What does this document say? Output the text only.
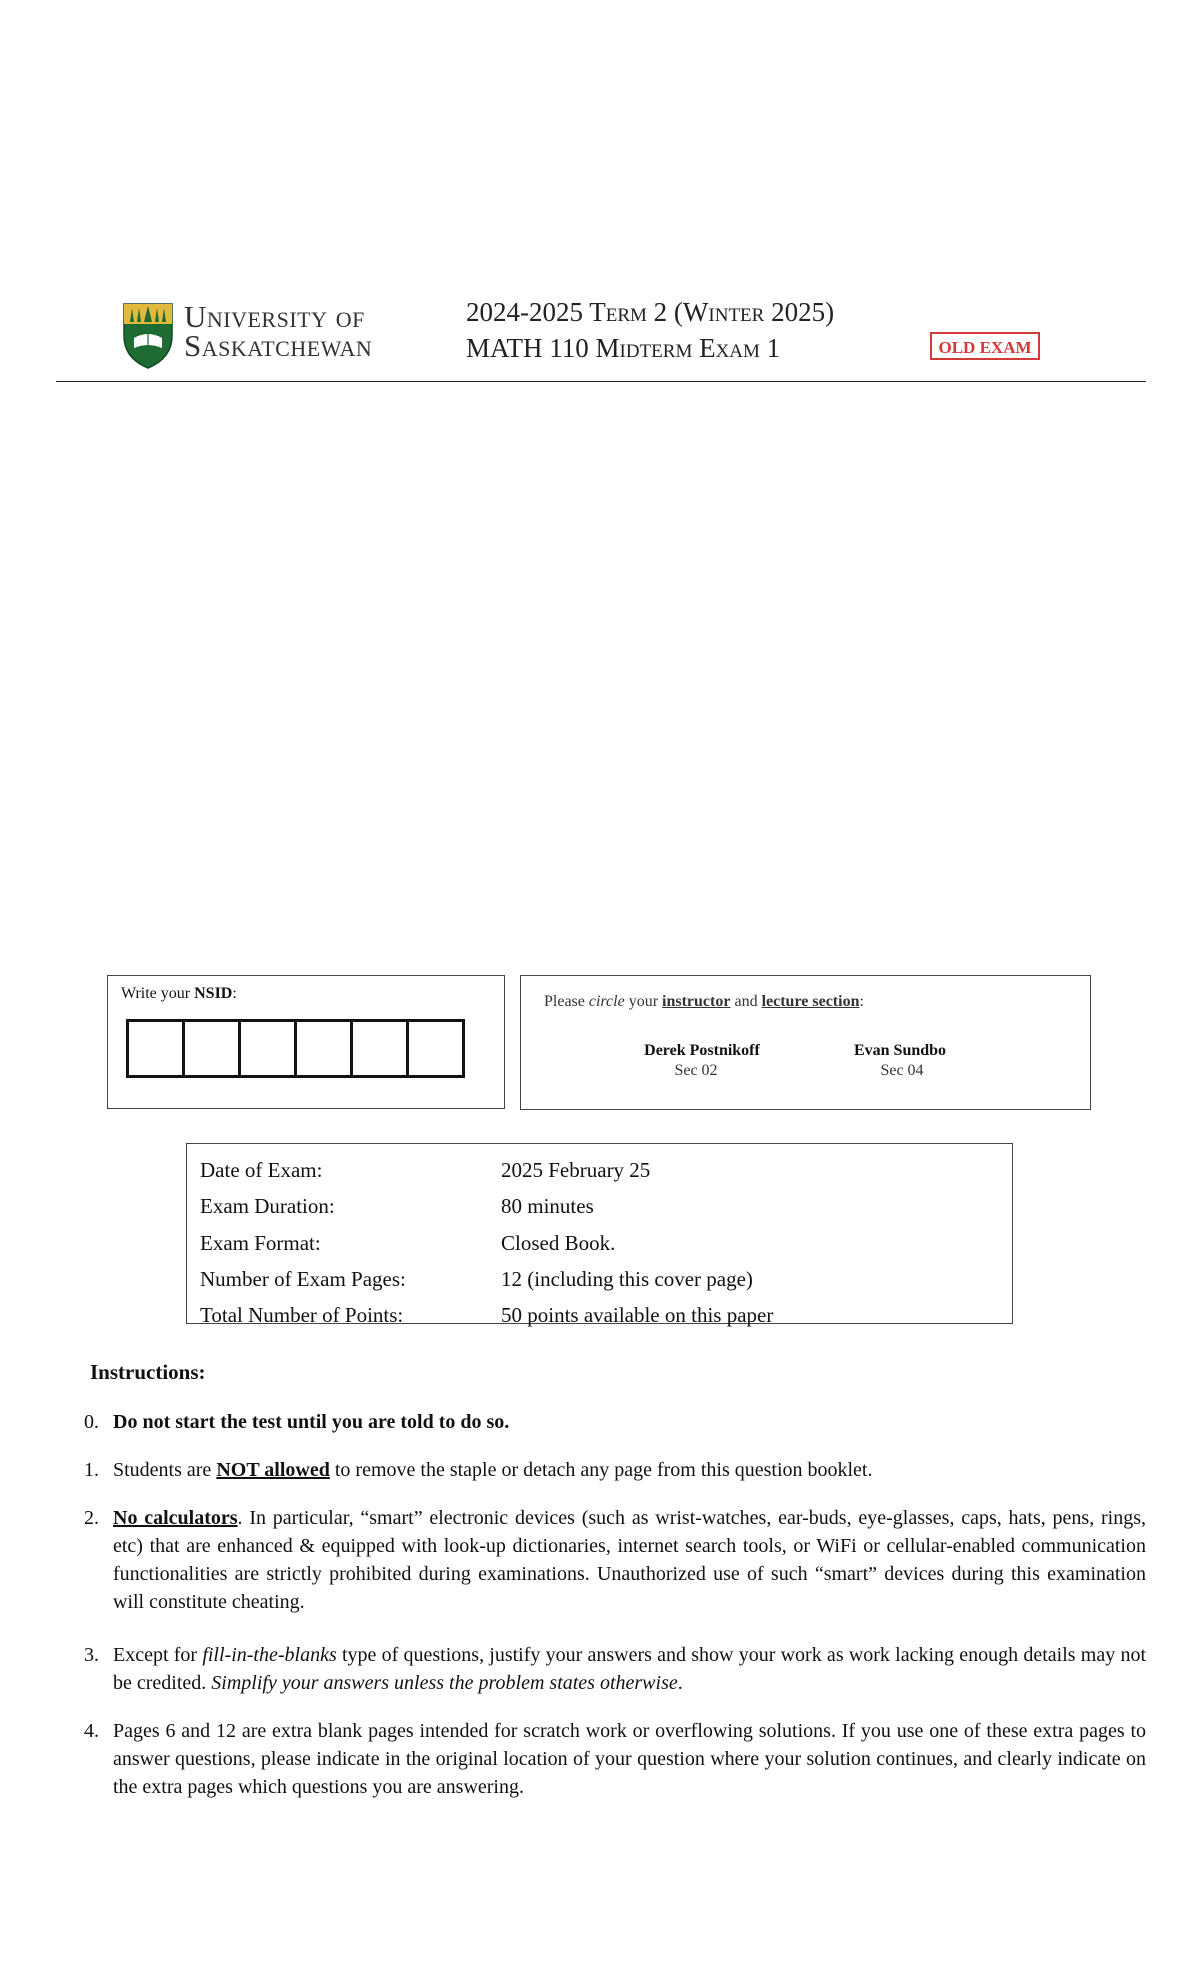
University of
Saskatchewan
2024-2025 Term 2 (Winter 2025)
MATH 110 Midterm Exam 1	OLD EXAM
Write your NSID:	Please circle your instructor and lecture section:
Derek Postnikoff
Sec 02
Evan Sundbo
Sec 04
Date of Exam:	2025 February 25
Exam Duration:	80 minutes
Exam Format:	Closed Book.
Number of Exam Pages:	12 (including this cover page)
Total Number of Points:	50 points available on this paper
Instructions:
0. Do not start the test until you are told to do so.
1. Students are NOT allowed to remove the staple or detach any page from this question booklet.
2. No calculators. In particular, “smart” electronic devices (such as wrist-watches, ear-buds, eye-glasses, caps, hats, pens, rings, etc) that are enhanced & equipped with look-up dictionaries, internet search tools, or WiFi or cellular-enabled communication functionalities are strictly prohibited during examinations. Unauthorized use of such “smart” devices during this examination will constitute cheating.
3. Except for fill-in-the-blanks type of questions, justify your answers and show your work as work lacking enough details may not be credited. Simplify your answers unless the problem states otherwise.
4. Pages 6 and 12 are extra blank pages intended for scratch work or overflowing solutions. If you use one of these extra pages to answer questions, please indicate in the original location of your question where your solution continues, and clearly indicate on the extra pages which questions you are answering.
